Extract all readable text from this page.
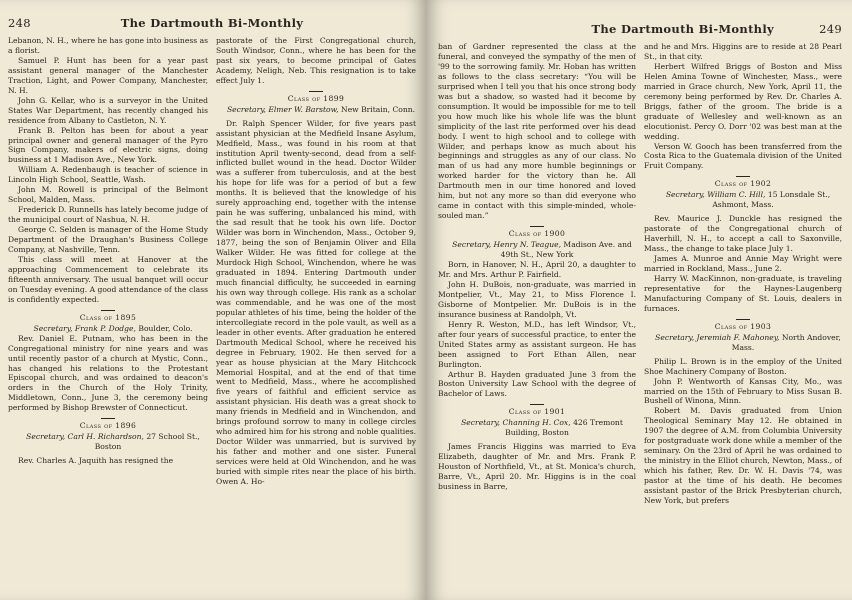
248	The Dartmouth Bi-Monthly

Lebanon, N. H., where he has gone into business as a florist.

Samuel P. Hunt has been for a year past assistant general manager of the Manchester Traction, Light, and Power Company, Manchester, N. H.

John G. Kellar, who is a surveyor in the United States War Department, has recently changed his residence from Albany to Castleton, N. Y.

Frank B. Pelton has been for about a year principal owner and general manager of the Pyro Sign Company, makers of electric signs, doing business at 1 Madison Ave., New York.

William A. Redenbaugh is teacher of science in Lincoln High School, Seattle, Wash.

John M. Rowell is principal of the Belmont School, Malden, Mass.

Frederick D. Runnells has lately become judge of the municipal court of Nashua, N. H.

George C. Selden is manager of the Home Study Department of the Draughan's Business College Company, at Nashville, Tenn.

This class will meet at Hanover at the approaching Commencement to celebrate its fifteenth anniversary. The usual banquet will occur on Tuesday evening. A good attendance of the class is confidently expected.

Class of 1895

Secretary, Frank P. Dodge, Boulder, Colo.

Rev. Daniel E. Putnam, who has been in the Congregational ministry for nine years and was until recently pastor of a church at Mystic, Conn., has changed his relations to the Protestant Episcopal church, and was ordained to deacon's orders in the Church of the Holy Trinity, Middletown, Conn., June 3, the ceremony being performed by Bishop Brewster of Connecticut.

Class of 1896

Secretary, Carl H. Richardson, 27 School St., Boston

Rev. Charles A. Jaquith has resigned the

pastorate of the First Congregational church, South Windsor, Conn., where he has been for the past six years, to become principal of Gates Academy, Neligh, Neb. This resignation is to take effect July 1.

Class of 1899

Secretary, Elmer W. Barstow, New Britain, Conn.

Dr. Ralph Spencer Wilder, for five years past assistant physician at the Medfield Insane Asylum, Medfield, Mass., was found in his room at that institution April twenty-second, dead from a self-inflicted bullet wound in the head. Doctor Wilder was a sufferer from tuberculosis, and at the best his hope for life was for a period of but a few months. It is believed that the knowledge of his surely approaching end, together with the intense pain he was suffering, unbalanced his mind, with the sad result that he took his own life. Doctor Wilder was born in Winchendon, Mass., October 9, 1877, being the son of Benjamin Oliver and Ella Walker Wilder. He was fitted for college at the Murdock High School, Winchendon, where he was graduated in 1894. Entering Dartmouth under much financial difficulty, he succeeded in earning his own way through college. His rank as a scholar was commendable, and he was one of the most popular athletes of his time, being the holder of the intercollegiate record in the pole vault, as well as a leader in other events. After graduation he entered Dartmouth Medical School, where he received his degree in February, 1902. He then served for a year as house physician at the Mary Hitchcock Memorial Hospital, and at the end of that time went to Medfield, Mass., where he accomplished five years of faithful and efficient service as assistant physician. His death was a great shock to many friends in Medfield and in Winchendon, and brings profound sorrow to many in college circles who admired him for his strong and noble qualities. Doctor Wilder was unmarried, but is survived by his father and mother and one sister. Funeral services were held at Old Winchendon, and he was buried with simple rites near the place of his birth. Owen A. Ho-

The Dartmouth Bi-Monthly	249

ban of Gardner represented the class at the funeral, and conveyed the sympathy of the men of '99 to the sorrowing family. Mr. Hoban has written as follows to the class secretary: “You will be surprised when I tell you that his once strong body was but a shadow, so wasted had it become by consumption. It would be impossible for me to tell you how much like his whole life was the blunt simplicity of the last rite performed over his dead body. I went to high school and to college with Wilder, and perhaps know as much about his beginnings and struggles as any of our class. No man of us had any more humble beginnings or worked harder for the victory than he. All Dartmouth men in our time honored and loved him, but not any more so than did everyone who came in contact with this simple-minded, whole-souled man.”

Class of 1900

Secretary, Henry N. Teague, Madison Ave. and 49th St., New York

Born, in Hanover, N. H., April 20, a daughter to Mr. and Mrs. Arthur P. Fairfield.

John H. DuBois, non-graduate, was married in Montpelier, Vt., May 21, to Miss Florence I. Gisborne of Montpelier. Mr. DuBois is in the insurance business at Randolph, Vt.

Henry R. Weston, M.D., has left Windsor, Vt., after four years of successful practice, to enter the United States army as assistant surgeon. He has been assigned to Fort Ethan Allen, near Burlington.

Arthur B. Hayden graduated June 3 from the Boston University Law School with the degree of Bachelor of Laws.

Class of 1901

Secretary, Channing H. Cox, 426 Tremont Building, Boston

James Francis Higgins was married to Eva Elizabeth, daughter of Mr. and Mrs. Frank P. Houston of Northfield, Vt., at St. Monica's church, Barre, Vt., April 20. Mr. Higgins is in the coal business in Barre,

and he and Mrs. Higgins are to reside at 28 Pearl St., in that city.

Herbert Wilfred Briggs of Boston and Miss Helen Amina Towne of Winchester, Mass., were married in Grace church, New York, April 11, the ceremony being performed by Rev. Dr. Charles A. Briggs, father of the groom. The bride is a graduate of Wellesley and well-known as an elocutionist. Percy O. Dorr '02 was best man at the wedding.

Verson W. Gooch has been transferred from the Costa Rica to the Guatemala division of the United Fruit Company.

Class of 1902

Secretary, William C. Hill, 15 Lonsdale St., Ashmont, Mass.

Rev. Maurice J. Dunckle has resigned the pastorate of the Congregational church of Haverhill, N. H., to accept a call to Saxonville, Mass., the change to take place July 1.

James A. Munroe and Annie May Wright were married in Rockland, Mass., June 2.

Harry W. MacKinnon, non-graduate, is traveling representative for the Haynes-Laugenberg Manufacturing Company of St. Louis, dealers in furnaces.

Class of 1903

Secretary, Jeremiah F. Mahoney, North Andover, Mass.

Philip L. Brown is in the employ of the United Shoe Machinery Company of Boston.

John P. Wentworth of Kansas City, Mo., was married on the 15th of February to Miss Susan B. Bushell of Winona, Minn.

Robert M. Davis graduated from Union Theological Seminary May 12. He obtained in 1907 the degree of A.M. from Columbia University for postgraduate work done while a member of the seminary. On the 23rd of April he was ordained to the ministry in the Elliot church, Newton, Mass., of which his father, Rev. Dr. W. H. Davis '74, was pastor at the time of his death. He becomes assistant pastor of the Brick Presbyterian church, New York, but prefers
